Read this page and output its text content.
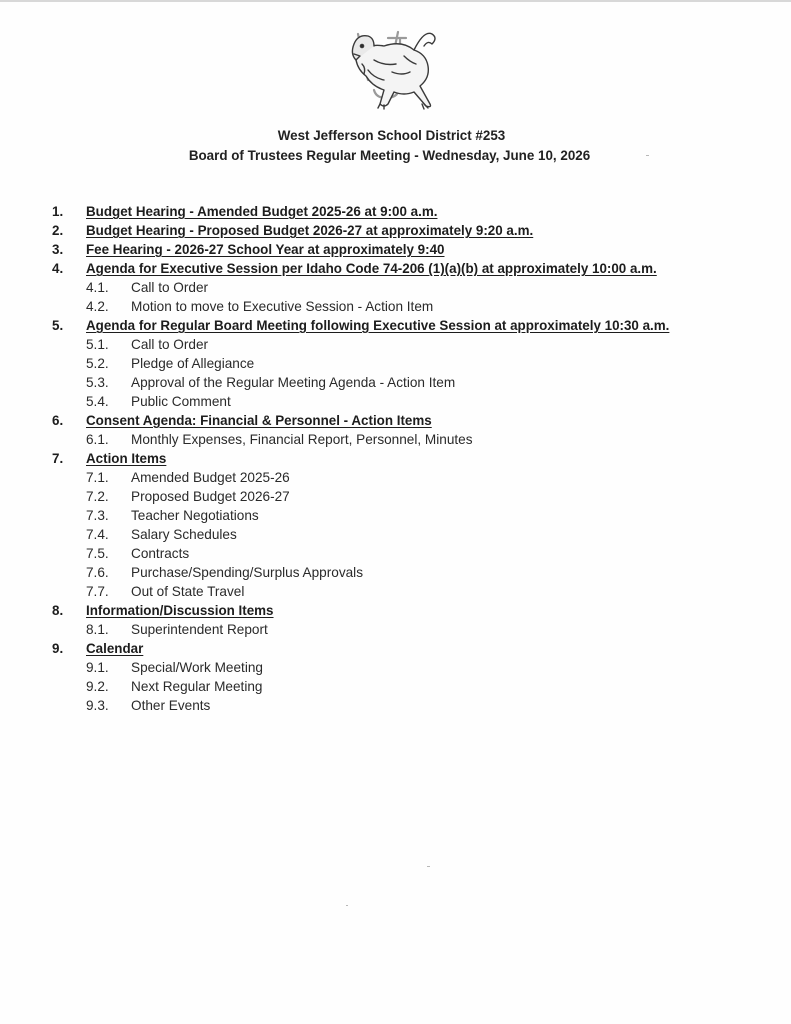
West Jefferson School District #253
Board of Trustees Regular Meeting - Wednesday, June 10, 2026
1. Budget Hearing - Amended Budget 2025-26 at 9:00 a.m.
2. Budget Hearing - Proposed Budget 2026-27 at approximately 9:20 a.m.
3. Fee Hearing - 2026-27 School Year at approximately 9:40
4. Agenda for Executive Session per Idaho Code 74-206 (1)(a)(b) at approximately 10:00 a.m.
4.1. Call to Order
4.2. Motion to move to Executive Session - Action Item
5. Agenda for Regular Board Meeting following Executive Session at approximately 10:30 a.m.
5.1. Call to Order
5.2. Pledge of Allegiance
5.3. Approval of the Regular Meeting Agenda - Action Item
5.4. Public Comment
6. Consent Agenda: Financial & Personnel - Action Items
6.1. Monthly Expenses, Financial Report, Personnel, Minutes
7. Action Items
7.1. Amended Budget 2025-26
7.2. Proposed Budget 2026-27
7.3. Teacher Negotiations
7.4. Salary Schedules
7.5. Contracts
7.6. Purchase/Spending/Surplus Approvals
7.7. Out of State Travel
8. Information/Discussion Items
8.1. Superintendent Report
9. Calendar
9.1. Special/Work Meeting
9.2. Next Regular Meeting
9.3. Other Events
